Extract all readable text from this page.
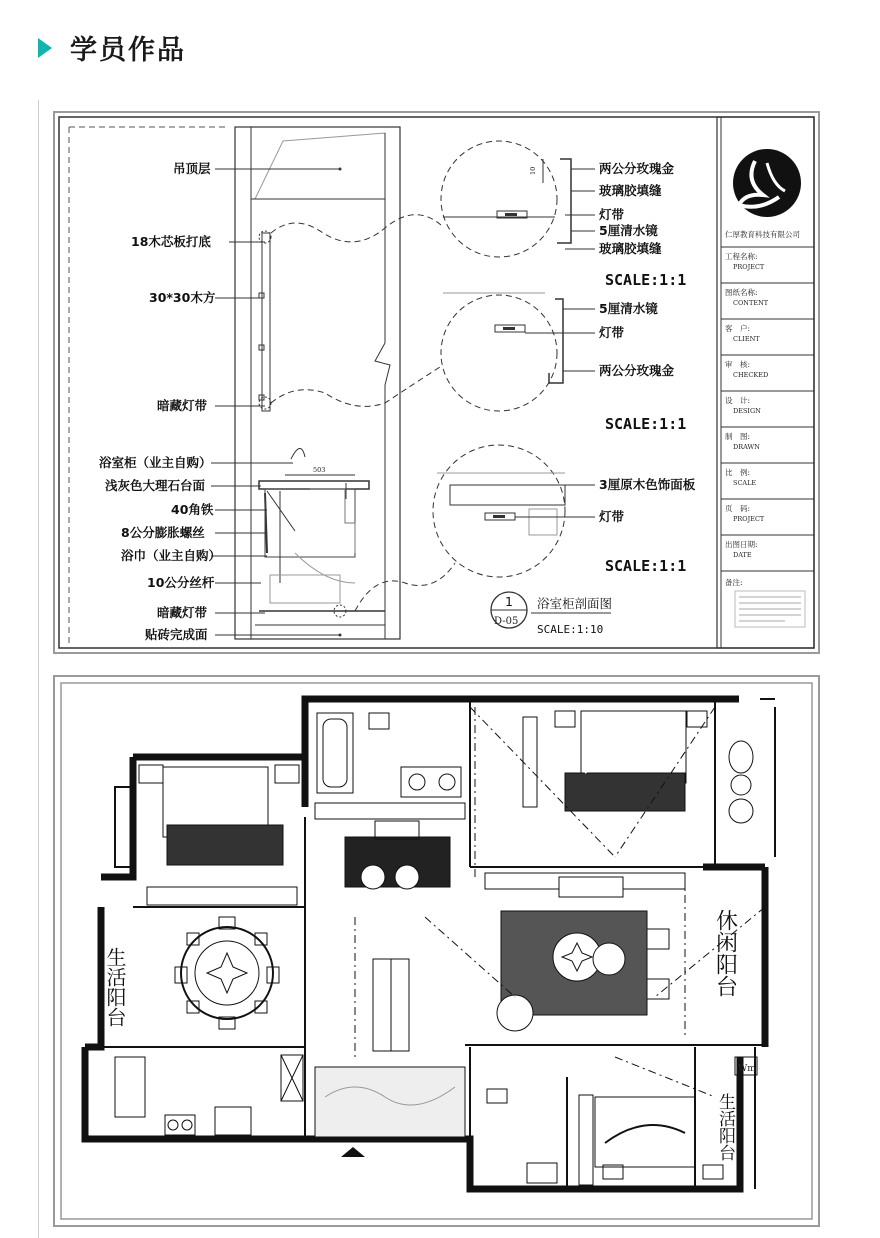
学员作品
503
吊顶层
18木芯板打底
30*30木方
暗藏灯带
浴室柜（业主自购）
浅灰色大理石台面
40角铁
8公分膨胀螺丝
浴巾（业主自购）
10公分丝杆
暗藏灯带
贴砖完成面
10	两公分玫瑰金
玻璃胶填缝
灯带
5厘清水镜
玻璃胶填缝
SCALE:1:1
5厘清水镜
灯带
两公分玫瑰金
SCALE:1:1
3厘原木色饰面板
灯带
SCALE:1:1
1
D-05
浴室柜剖面图
SCALE:1:10
仁厚教育科技有限公司
工程名称:
PROJECT
图纸名称:
CONTENT
客　户:
CLIENT
审　核:
CHECKED
设　计:
DESIGN
制　图:
DRAWN
比　例:
SCALE
页　码:
PROJECT
出图日期:
DATE
备注:
生活阳台	休闲阳台
生活阳台
Wm
